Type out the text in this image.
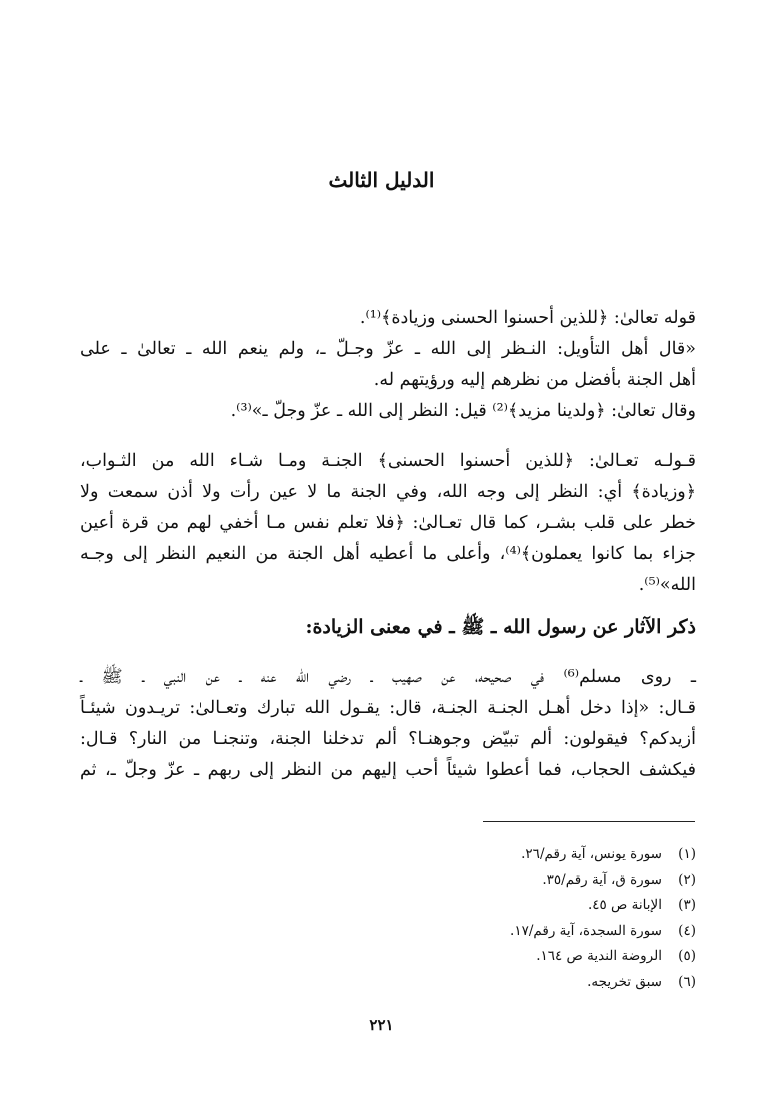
الدليل الثالث
قوله تعالىٰ: ﴿للذين أحسنوا الحسنى وزيادة﴾⁽¹⁾.
«قال أهل التأويل: النـظر إلى الله ـ عزّ وجـلّ ـ، ولم ينعم الله ـ تعالىٰ ـ على
أهل الجنة بأفضل من نظرهم إليه ورؤيتهم له.
وقال تعالىٰ: ﴿ولدينا مزيد﴾⁽²⁾ قيل: النظر إلى الله ـ عزّ وجلّ ـ»⁽³⁾.
قـولـه تعـالىٰ: ﴿للذين أحسنوا الحسنى﴾ الجنـة ومـا شـاء الله من الثـواب،
﴿وزيادة﴾ أي: النظر إلى وجه الله، وفي الجنة ما لا عين رأت ولا أذن سمعت ولا
خطر على قلب بشـر، كما قال تعـالىٰ: ﴿فلا تعلم نفس مـا أخفي لهم من قرة أعين
جزاء بما كانوا يعملون﴾⁽⁴⁾، وأعلى ما أعطيه أهل الجنة من النعيم النظر إلى وجـه
الله»⁽⁵⁾.
ذكر الآثار عن رسول الله ـ ﷺ ـ في معنى الزيادة:
ـ روى مسلم⁽⁶⁾ في صحيحه، عن صهيب ـ رضي الله عنه ـ عن النبي ـ ﷺ ـ
قـال: «إذا دخل أهـل الجنـة الجنـة، قال: يقـول الله تبارك وتعـالىٰ: تريـدون شيئـاً
أزيدكم؟ فيقولون: ألم تبيّض وجوهنـا؟ ألم تدخلنا الجنة، وتنجنـا من النار؟ قـال:
فيكشف الحجاب، فما أعطوا شيئاً أحب إليهم من النظر إلى ربهم ـ عزّ وجلّ ـ، ثم
(١)
سورة يونس، آية رقم/٢٦.
(٢)
سورة ق، آية رقم/٣٥.
(٣)
الإبانة ص ٤٥.
(٤)
سورة السجدة، آية رقم/١٧.
(٥)
الروضة الندية ص ١٦٤.
(٦)
سبق تخريجه.
٢٢١
